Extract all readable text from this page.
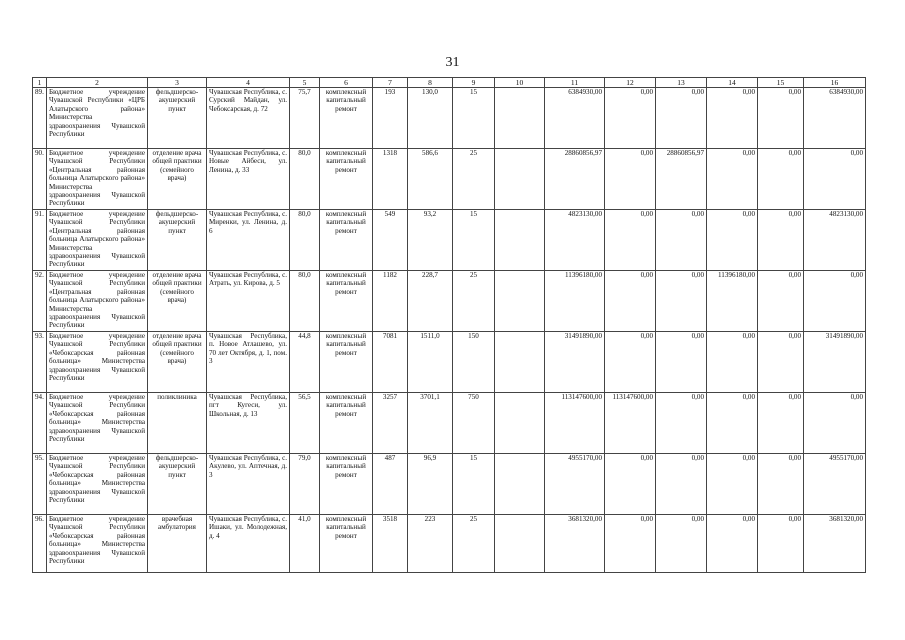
31
1	2	3	4	5	6	7	8	9	10	11	12	13	14	15	16
89.	Бюджетное учреждение Чувашской Республики «ЦРБ Алатырского района» Министерства здравоохранения Чувашской Республики	фельдшерско-акушерский пункт	Чувашская Республика, с. Сурский Майдан, ул. Чебоксарская, д. 72	75,7	комплексный капитальный ремонт	193	130,0	15		6384930,00	0,00	0,00	0,00	0,00	6384930,00
90.	Бюджетное учреждение Чувашской Республики «Центральная районная больница Алатырского района» Министерства здравоохранения Чувашской Республики	отделение врача общей практики (семейного врача)	Чувашская Республика, с. Новые Айбеси, ул. Ленина, д. 33	80,0	комплексный капитальный ремонт	1318	586,6	25		28860856,97	0,00	28860856,97	0,00	0,00	0,00
91.	Бюджетное учреждение Чувашской Республики «Центральная районная больница Алатырского района» Министерства здравоохранения Чувашской Республики	фельдшерско-акушерский пункт	Чувашская Республика, с. Миренки, ул. Ленина, д. 6	80,0	комплексный капитальный ремонт	549	93,2	15		4823130,00	0,00	0,00	0,00	0,00	4823130,00
92.	Бюджетное учреждение Чувашской Республики «Центральная районная больница Алатырского района» Министерства здравоохранения Чувашской Республики	отделение врача общей практики (семейного врача)	Чувашская Республика, с. Атрать, ул. Кирова, д. 5	80,0	комплексный капитальный ремонт	1182	228,7	25		11396180,00	0,00	0,00	11396180,00	0,00	0,00
93.	Бюджетное учреждение Чувашской Республики «Чебоксарская районная больница» Министерства здравоохранения Чувашской Республики	отделение врача общей практики (семейного врача)	Чувашская Республика, п. Новое Атлашево, ул. 70 лет Октября, д. 1, пом. 3	44,8	комплексный капитальный ремонт	7081	1511,0	150		31491890,00	0,00	0,00	0,00	0,00	31491890,00
94.	Бюджетное учреждение Чувашской Республики «Чебоксарская районная больница» Министерства здравоохранения Чувашской Республики	поликлиника	Чувашская Республика, пгт Кугеси, ул. Школьная, д. 13	56,5	комплексный капитальный ремонт	3257	3701,1	750		113147600,00	113147600,00	0,00	0,00	0,00	0,00
95.	Бюджетное учреждение Чувашской Республики «Чебоксарская районная больница» Министерства здравоохранения Чувашской Республики	фельдшерско-акушерский пункт	Чувашская Республика, с. Акулево, ул. Аптечная, д. 3	79,0	комплексный капитальный ремонт	487	96,9	15		4955170,00	0,00	0,00	0,00	0,00	4955170,00
96.	Бюджетное учреждение Чувашской Республики «Чебоксарская районная больница» Министерства здравоохранения Чувашской Республики	врачебная амбулатория	Чувашская Республика, с. Ишаки, ул. Молодежная, д. 4	41,0	комплексный капитальный ремонт	3518	223	25		3681320,00	0,00	0,00	0,00	0,00	3681320,00
